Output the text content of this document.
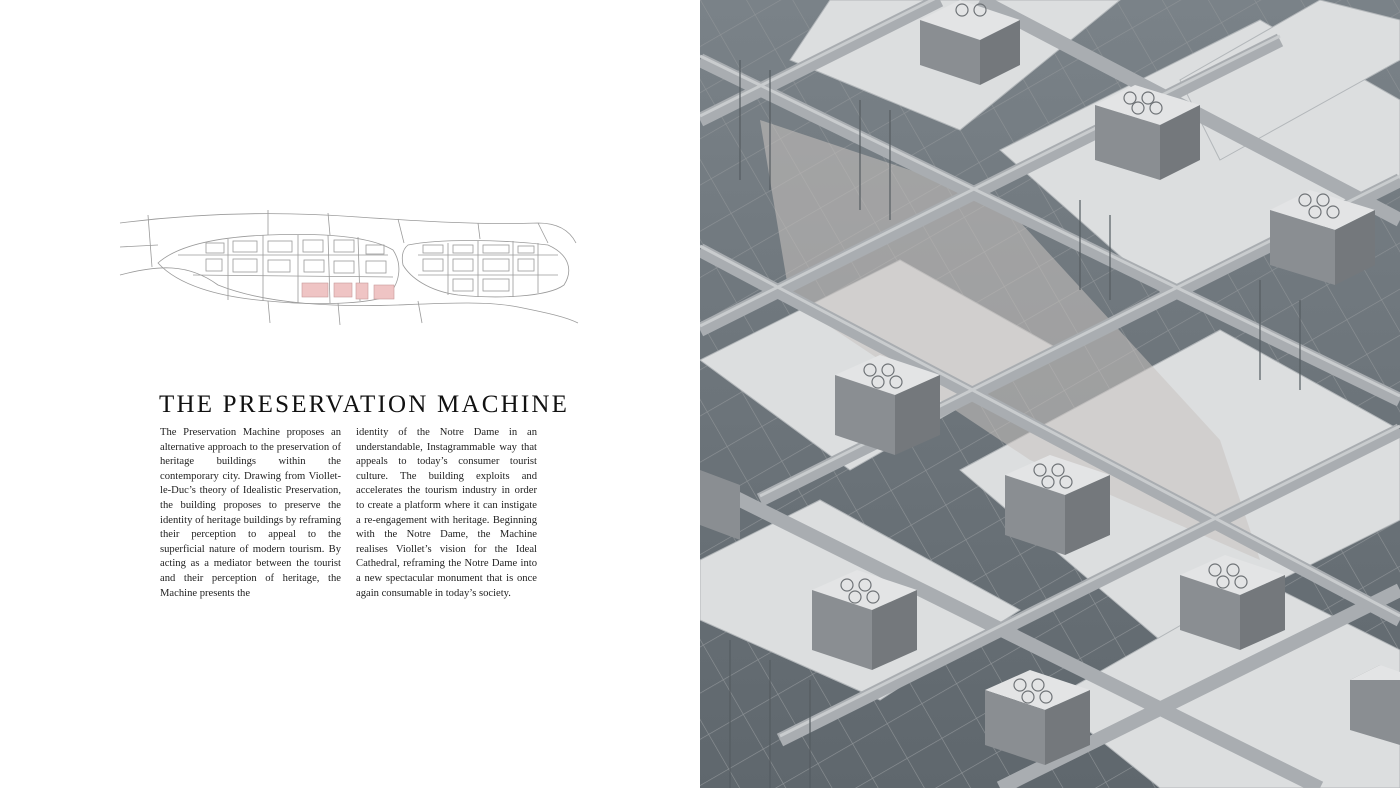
THE PRESERVATION MACHINE

The Preservation Machine proposes an alternative approach to the preservation of heritage buildings within the contemporary city. Drawing from Viollet-le-Duc’s theory of Idealistic Preservation, the building proposes to preserve the identity of heritage buildings by reframing their perception to appeal to the superficial nature of modern tourism. By acting as a mediator between the tourist and their perception of heritage, the Machine presents the

identity of the Notre Dame in an understandable, Instagrammable way that appeals to today’s consumer tourist culture. The building exploits and accelerates the tourism industry in order to create a platform where it can instigate a re-engagement with heritage. Beginning with the Notre Dame, the Machine realises Viollet’s vision for the Ideal Cathedral, reframing the Notre Dame into a new spectacular monument that is once again consumable in today’s society.
